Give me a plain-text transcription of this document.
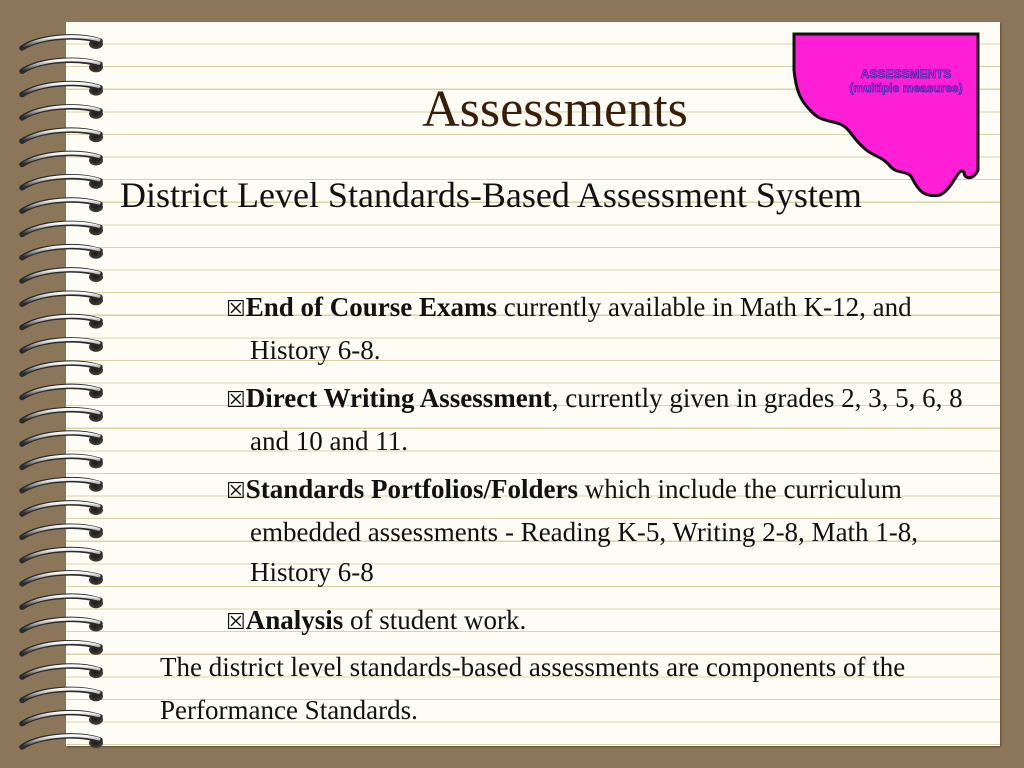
Assessments
ASSESSMENTS (multiple measures)
District Level Standards-Based Assessment System
☒End of Course Exams currently available in Math K-12, and History 6-8.
☒Direct Writing Assessment, currently given in grades 2, 3, 5, 6, 8 and 10 and 11.
☒Standards Portfolios/Folders which include the curriculum embedded assessments - Reading K-5, Writing 2-8, Math 1-8, History 6-8
☒Analysis of student work.
The district level standards-based assessments are components of the Performance Standards.
